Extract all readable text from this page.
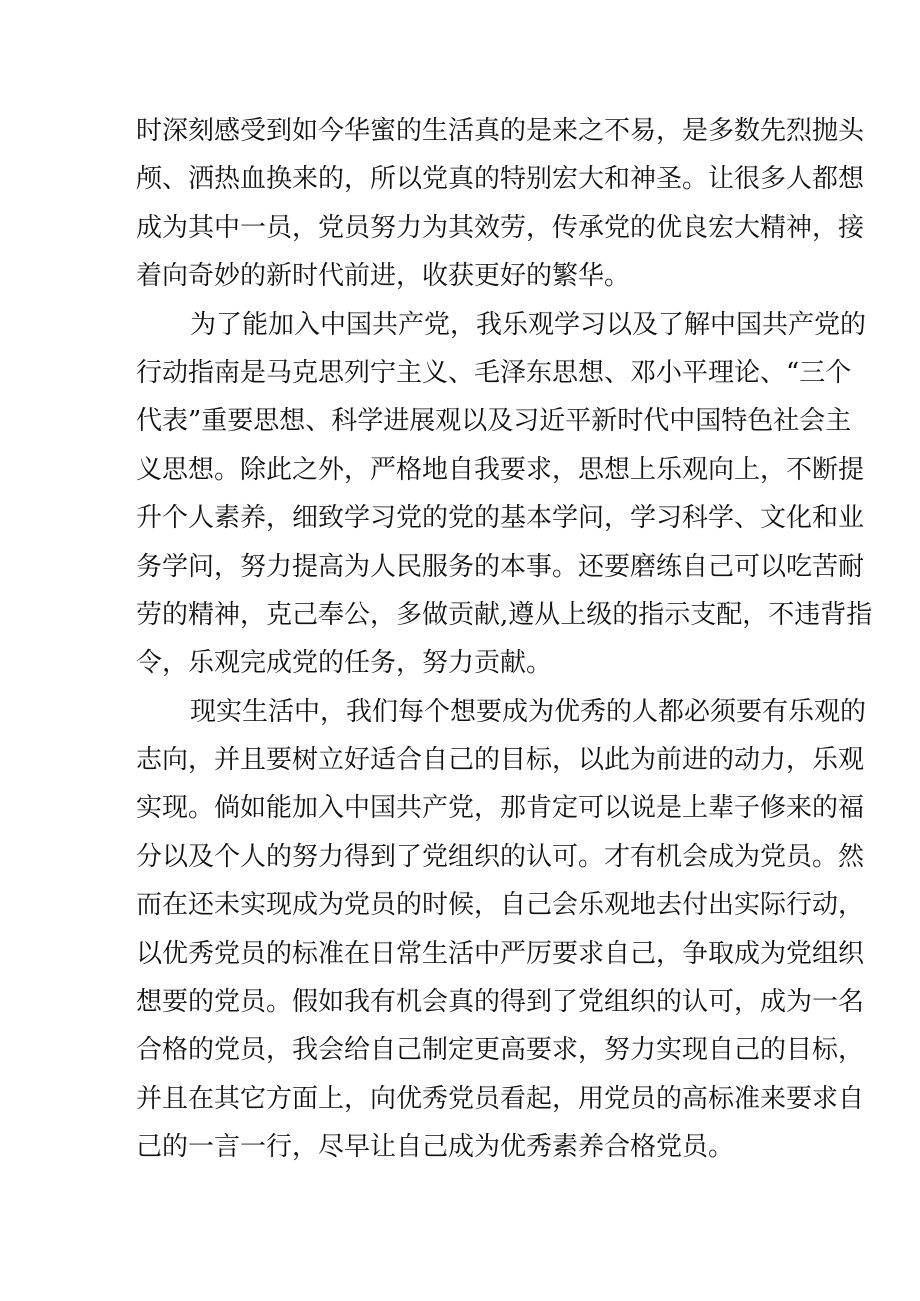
时深刻感受到如今华蜜的生活真的是来之不易，是多数先烈抛头
颅、洒热血换来的，所以党真的特别宏大和神圣。让很多人都想
成为其中一员，党员努力为其效劳，传承党的优良宏大精神，接
着向奇妙的新时代前进，收获更好的繁华。
为了能加入中国共产党，我乐观学习以及了解中国共产党的
行动指南是马克思列宁主义、毛泽东思想、邓小平理论、“三个
代表”重要思想、科学进展观以及习近平新时代中国特色社会主
义思想。除此之外，严格地自我要求，思想上乐观向上，不断提
升个人素养，细致学习党的党的基本学问，学习科学、文化和业
务学问，努力提高为人民服务的本事。还要磨练自己可以吃苦耐
劳的精神，克己奉公，多做贡献,遵从上级的指示支配，不违背指
令，乐观完成党的任务，努力贡献。
现实生活中，我们每个想要成为优秀的人都必须要有乐观的
志向，并且要树立好适合自己的目标，以此为前进的动力，乐观
实现。倘如能加入中国共产党，那肯定可以说是上辈子修来的福
分以及个人的努力得到了党组织的认可。才有机会成为党员。然
而在还未实现成为党员的时候，自己会乐观地去付出实际行动，
以优秀党员的标准在日常生活中严厉要求自己，争取成为党组织
想要的党员。假如我有机会真的得到了党组织的认可，成为一名
合格的党员，我会给自己制定更高要求，努力实现自己的目标，
并且在其它方面上，向优秀党员看起，用党员的高标准来要求自
己的一言一行，尽早让自己成为优秀素养合格党员。
